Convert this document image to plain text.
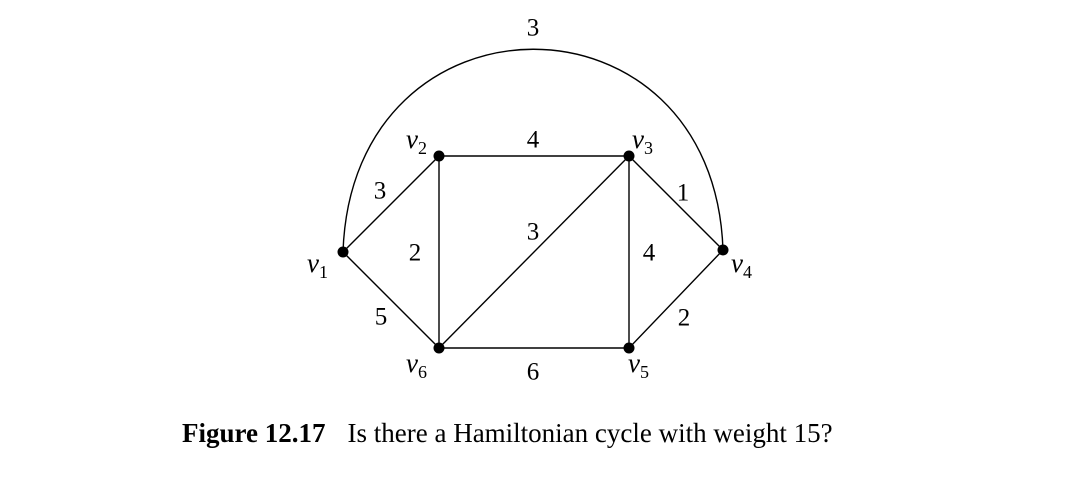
3
4
3	1
2
3
4
5	2
6
$v_1$
$v_2$	$v_3$
$v_4$
$v_5$
$v_6$
Figure 12.17 Is there a Hamiltonian cycle with weight 15?
